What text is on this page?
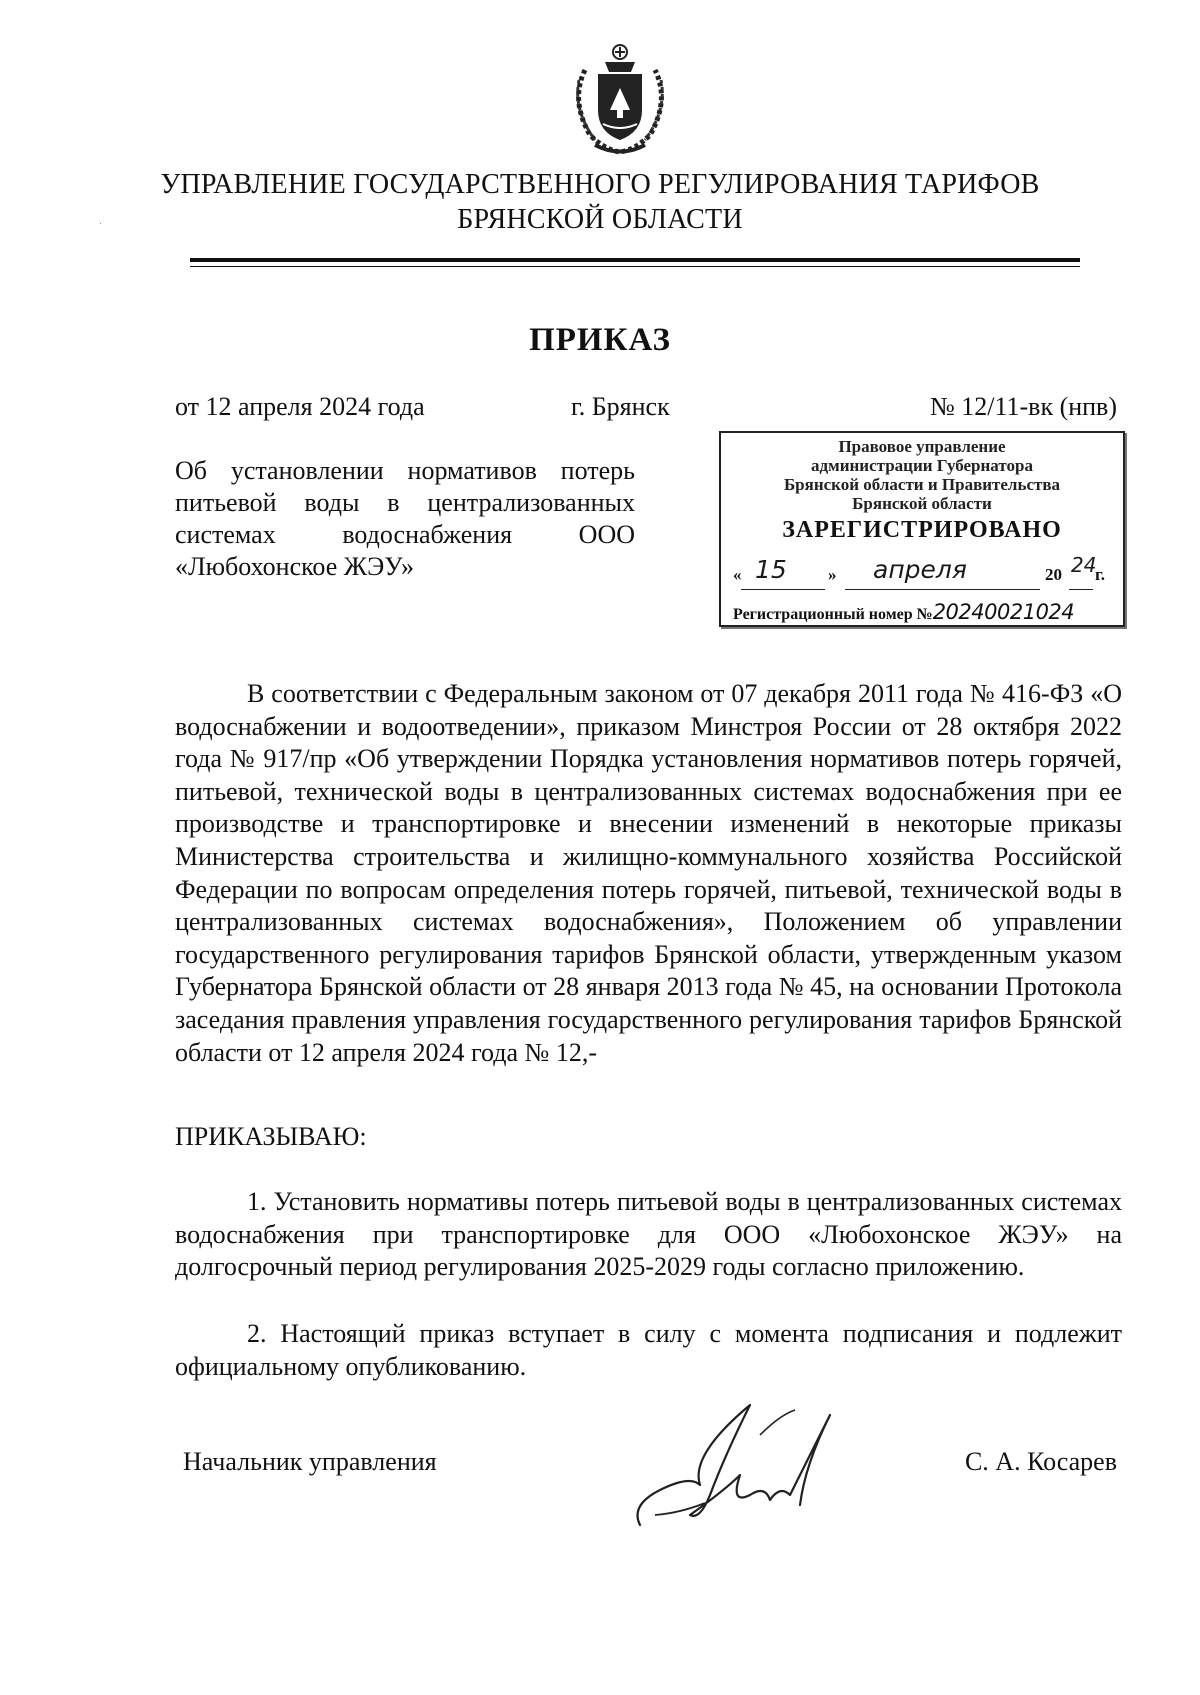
УПРАВЛЕНИЕ ГОСУДАРСТВЕННОГО РЕГУЛИРОВАНИЯ ТАРИФОВ
БРЯНСКОЙ ОБЛАСТИ
ПРИКАЗ
от 12 апреля 2024 года	г. Брянск	№ 12/11-вк (нпв)
Об установлении нормативов потерь питьевой воды в централизованных системах водоснабжения ООО «Любохонское ЖЭУ»
Правовое управление
администрации Губернатора
Брянской области и Правительства
Брянской области
ЗАРЕГИСТРИРОВАНО
« 15 » апреля	20 24
г.
Регистрационный номер №20240021024
В соответствии с Федеральным законом от 07 декабря 2011 года № 416-ФЗ «О водоснабжении и водоотведении», приказом Минстроя России от 28 октября 2022 года № 917/пр «Об утверждении Порядка установления нормативов потерь горячей, питьевой, технической воды в централизованных системах водоснабжения при ее производстве и транспортировке и внесении изменений в некоторые приказы Министерства строительства и жилищно-коммунального хозяйства Российской Федерации по вопросам определения потерь горячей, питьевой, технической воды в централизованных системах водоснабжения», Положением об управлении государственного регулирования тарифов Брянской области, утвержденным указом Губернатора Брянской области от 28 января 2013 года № 45, на основании Протокола заседания правления управления государственного регулирования тарифов Брянской области от 12 апреля 2024 года № 12,-
ПРИКАЗЫВАЮ:
1. Установить нормативы потерь питьевой воды в централизованных системах водоснабжения при транспортировке для ООО «Любохонское ЖЭУ» на долгосрочный период регулирования 2025-2029 годы согласно приложению.
2. Настоящий приказ вступает в силу с момента подписания и подлежит официальному опубликованию.
Начальник управления	С. А. Косарев
